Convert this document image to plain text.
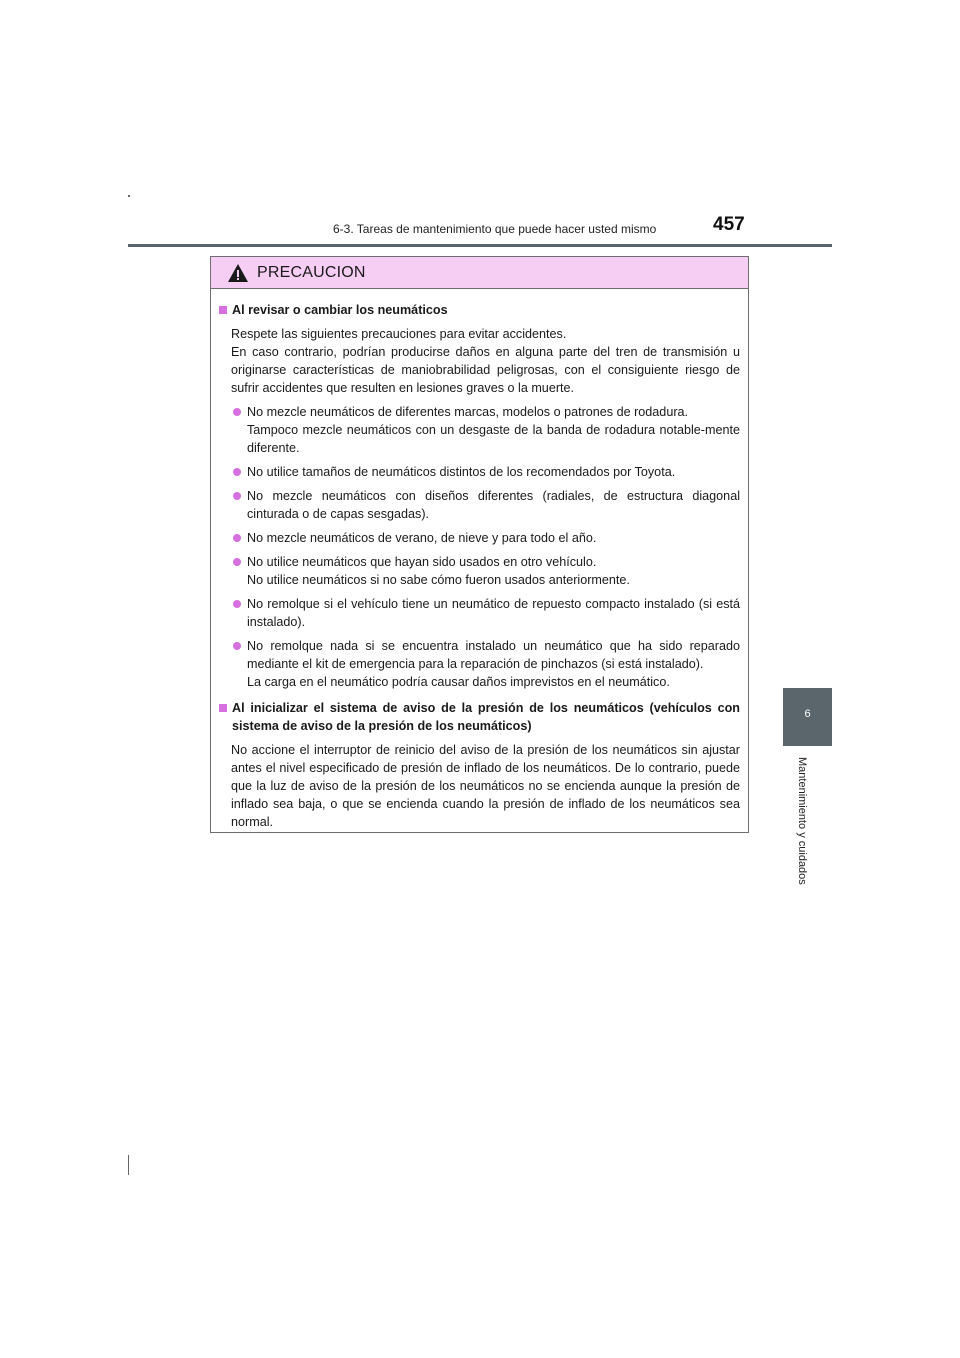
6-3. Tareas de mantenimiento que puede hacer usted mismo	457
6
Mantenimiento y cuidados
PRECAUCION
Al revisar o cambiar los neumáticos
Respete las siguientes precauciones para evitar accidentes.
En caso contrario, podrían producirse daños en alguna parte del tren de transmisión u originarse características de maniobrabilidad peligrosas, con el consiguiente riesgo de sufrir accidentes que resulten en lesiones graves o la muerte.
No mezcle neumáticos de diferentes marcas, modelos o patrones de rodadura.
Tampoco mezcle neumáticos con un desgaste de la banda de rodadura notable-mente diferente.
No utilice tamaños de neumáticos distintos de los recomendados por Toyota.
No mezcle neumáticos con diseños diferentes (radiales, de estructura diagonal cinturada o de capas sesgadas).
No mezcle neumáticos de verano, de nieve y para todo el año.
No utilice neumáticos que hayan sido usados en otro vehículo.
No utilice neumáticos si no sabe cómo fueron usados anteriormente.
No remolque si el vehículo tiene un neumático de repuesto compacto instalado (si está instalado).
No remolque nada si se encuentra instalado un neumático que ha sido reparado mediante el kit de emergencia para la reparación de pinchazos (si está instalado).
La carga en el neumático podría causar daños imprevistos en el neumático.
Al inicializar el sistema de aviso de la presión de los neumáticos (vehículos con sistema de aviso de la presión de los neumáticos)
No accione el interruptor de reinicio del aviso de la presión de los neumáticos sin ajustar antes el nivel especificado de presión de inflado de los neumáticos. De lo contrario, puede que la luz de aviso de la presión de los neumáticos no se encienda aunque la presión de inflado sea baja, o que se encienda cuando la presión de inflado de los neumáticos sea normal.
